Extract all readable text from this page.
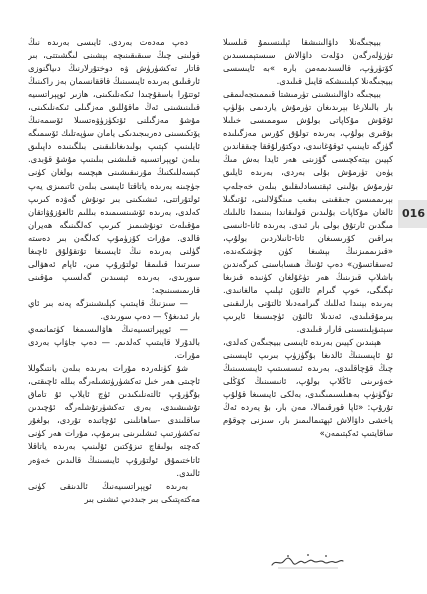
ببيجىگەنلا داۋالىنىشقا ئېلىنسىمۇ قىلسىلا تۈزۈلەرگەن دۆلەت داۋالاش سىستېمىسىدىن كۆتۈرۈپ، قالسىدىمەمن بارە »بە ئايىسسى ببيجىگەنلا كېلىنىشكە قايىل قىلىدى.

ببيجىگە داۋالىنىشىنى تۈرمىشتا قىممىتجەلىمقى بار بالىلارغا بېرىدىغان تۈرمۇش ياردىمى بۆلۈپ ئۇقۇش مۇكاپاتى بولۇش سوممىسى خىلىلا بۇقىرى بولۇپ، بەرىدە تولۇق كۇرس مەزگىلىدە گۈزگە تايىنىپ ئوقۇغانىدى، دوكتۇرلۇققا چىققاندىن كېيىن بېتەكچىسى گۆزىنى ھەر ئايدا بەش مىڭ يۈەن تۈرمۇش بۇلى بەردى، بەرىدە ئايلىق تۈرمۇش بۇلىنى ئېقتىسادلىقلىق بىلەن خەجلەپ بېرىممىسن جىققىنى بىغىب مىنگۆلالىنى، ئۆتىگىلا ئالغان مۇكاپات بۇلىدىن قولىقاندا بىنىمدا ئالىلىك مىگدىن ئارتۇق بولى بار ئىدى. بەرىدە ئانا-ئانىسى بىراقىن كۆرىسىغان ئاتا-ئانىلاردىن بولۇپ، «قىزىممىزنىڭ بېشىغا كۈن چۈشكەندە، ئەسقاتسۇن» دەپ ئۇنىڭ ھىساباسنى كىرگەندىن باشلاپ قىزىنىڭ ھەر تۈغۇلغان كۈنىدە قىزىغا تېگىگى، خوپ گىرام ئالتۇن ئېلىپ مالغانىدى. بەرىدە بېنىدا ئەللىك گىرامەدىلا ئالتۇنى بارلىقىنى بىرمۇقىلىدى، ئەندىلا ئالتۇن ئۈچىسىغا ئايرىپ سېتىۋېلىنسىنى قارار قىلىدى.

ھېنىدىن كېيىن بەرىدە ئايىسى ببيجىگەن كەلدى، ئۇ ئاپىسىنىڭ ئالدىغا بۇگۈزۈپ بىرىپ ئاپىسىنى چىڭ قۇچاقلىدى، بەرىدە ئىسسىتىپ ئايىسسىنىڭ خەۋىرىنى ئاڭلاپ بولۇپ، ئانىسىنىڭ كۆڭلى تۈگۈنۈپ بەھىلسىمىگىدى، بەلكى ئايىسىغا قۇلۇپ تۇرۇپ: «ئاپا قورقىمالا، مەن بار، بۇ يەردە ئەڭ ياخشى داۋالاش ئېھتىمالىمىز بار، سىزنى چوقۇم ساقايتىپ ئەكېتىمەن»

دەپ مەدەت بەردى. ئايىسى بەرىدە نىڭ قولىنى چىڭ سىقىقىنىچە بېشىنى لىگشىتتى، بىر قاتار تەكشۈرۈش ۋە دوختۇرلارنىڭ دىياگنوزى ئارقىلىق بەرىدە ئايىسىنىڭ قاققانسمان بەز راكىنىڭ ئوتتۇرا باسقۇچىدا ئىكەنلىكىنى، ھازىر ئوپېراتسىيە قىلىنىشىنى ئەڭ ماقۇللىق مەزگىلى ئىكەنلىكىنى، مۇشۇ مەزگىلنى ئۆتكۈزۈۋەتسىلا ئۆسمەنىڭ يۆتكىسىنى دەربىجىدىكى يامان سۈپەتلىك ئۆسمىگە ئايلىنىپ كېتىپ بولىدىغانلىقىنى بىلگىنىدە داپىلىق بىلەن ئوپېراتسىيە قىلىشنى بىلىنىپ مۇشۇ قۇبدى. كېسەللىكنىڭ مۇرنىقىشىنى ھېچسە بولغان كۈنى جۈچىنە بەرىدە ياتاقتا ئايىسى بىلەن ئاتىمىزى يەپ ئولتۇراتتى، ئىشىكىنى بىر تونۇش گەۋدە كىرىپ كەلدى، بەرىدە ئۆشىنسىمىدە بىللىم ئالغۇزۇۋاتقان مۇقىلەت تونۇشىمىز كىرىپ كەلگىنىگە ھەيران قالدى. مۇرات كۆزۈمۇپ كەلگەن بىر دەستە گۈلنى بەرىدە نىڭ ئايىسىغا تۇتقۇلۇق ئاچىغا سىرتىدا قىلىمقا ئولتۇرۇپ مىن، ئاپام ئەھۋالى سورىدى، بەرىدە ئېسىدىن گەلسىپ مۇقىنى قارىمىسىنىچە:

— سىزنىڭ قايىتىپ كېلىشىنىزگە پەنە بىر ئاي بار ئىدىغۇ؟ — دەپ سورىدى.

— ئوپېراتسىيەنىڭ ھاۋالىسىمغا كۈتمانمەي بالدۇرلا قايىتىپ كەلدىم. — دەپ جاۋاپ بەردى مۇرات.

شۇ كۈنلەردە مۇرات بەرىدە بىلەن بانتىگوللا ئاچىتى ھەر خىل تەكشۈرۈتشىلەرگە بىللە ئاچىقتى، بۇگۈرۇپ ئالتەنلىكىدىن ئۈچ ئايلاپ ئۇ تاماق تۇشىشىدى، بەرى تەكشۈرتۇشلەرگە ئۇچىدىن ساقلىندى -ساھانلىنى ئۇچاتىدە تۇردى، بولغۇر تەكشۈرتىپ ئىشلىرىنى بىرمۇپ، مۇرات ھەر كۈنى كەچتە بولىقاچ تىزۇكتىن ئۇلىنىپ بەرىدە ياتاقلا ئاتاختىمۇق ئولتۇرۇپ ئايىسىنىڭ قالىدىن خەۋەر ئالىدى.

بەرىدە ئوپېراتسىيەنىڭ ئالدىنقى كۈنى مەكتەپتىكى بىر جىددىي ئىشنى بىر

016
